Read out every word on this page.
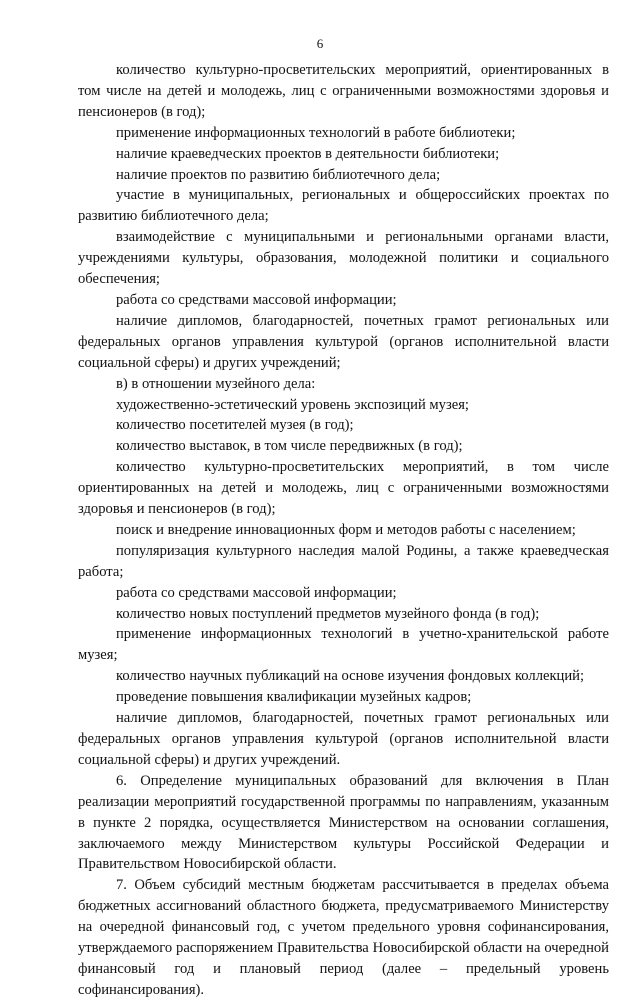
6

количество культурно-просветительских мероприятий, ориентированных в том числе на детей и молодежь, лиц с ограниченными возможностями здоровья и пенсионеров (в год);

применение информационных технологий в работе библиотеки;

наличие краеведческих проектов в деятельности библиотеки;

наличие проектов по развитию библиотечного дела;

участие в муниципальных, региональных и общероссийских проектах по развитию библиотечного дела;

взаимодействие с муниципальными и региональными органами власти, учреждениями культуры, образования, молодежной политики и социального обеспечения;

работа со средствами массовой информации;

наличие дипломов, благодарностей, почетных грамот региональных или федеральных органов управления культурой (органов исполнительной власти социальной сферы) и других учреждений;

в) в отношении музейного дела:

художественно-эстетический уровень экспозиций музея;

количество посетителей музея (в год);

количество выставок, в том числе передвижных (в год);

количество культурно-просветительских мероприятий, в том числе ориентированных на детей и молодежь, лиц с ограниченными возможностями здоровья и пенсионеров (в год);

поиск и внедрение инновационных форм и методов работы с населением;

популяризация культурного наследия малой Родины, а также краеведческая работа;

работа со средствами массовой информации;

количество новых поступлений предметов музейного фонда (в год);

применение информационных технологий в учетно-хранительской работе музея;

количество научных публикаций на основе изучения фондовых коллекций;

проведение повышения квалификации музейных кадров;

наличие дипломов, благодарностей, почетных грамот региональных или федеральных органов управления культурой (органов исполнительной власти социальной сферы) и других учреждений.

6. Определение муниципальных образований для включения в План реализации мероприятий государственной программы по направлениям, указанным в пункте 2 порядка, осуществляется Министерством на основании соглашения, заключаемого между Министерством культуры Российской Федерации и Правительством Новосибирской области.

7. Объем субсидий местным бюджетам рассчитывается в пределах объема бюджетных ассигнований областного бюджета, предусматриваемого Министерству на очередной финансовый год, с учетом предельного уровня софинансирования, утверждаемого распоряжением Правительства Новосибирской области на очередной финансовый год и плановый период (далее – предельный уровень софинансирования).
